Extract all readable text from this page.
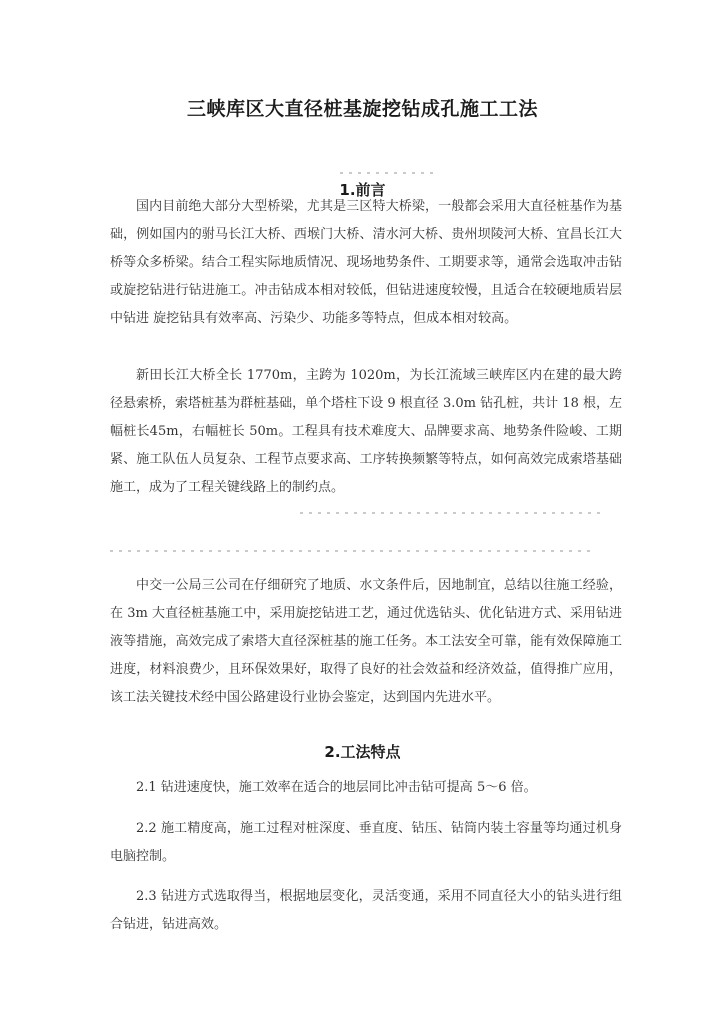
三峡库区大直径桩基旋挖钻成孔施工工法
1.前言

国内目前绝大部分大型桥梁，尤其是三区特大桥梁，一般都会采用大直径桩基作为基础，例如国内的驸马长江大桥、西堠门大桥、清水河大桥、贵州坝陵河大桥、宜昌长江大桥等众多桥梁。结合工程实际地质情况、现场地势条件、工期要求等，通常会选取冲击钻或旋挖钻进行钻进施工。冲击钻成本相对较低，但钻进速度较慢，且适合在较硬地质岩层中钻进 旋挖钻具有效率高、污染少、功能多等特点，但成本相对较高。

新田长江大桥全长 1770m，主跨为 1020m，为长江流域三峡库区内在建的最大跨径悬索桥，索塔桩基为群桩基础，单个塔柱下设 9 根直径 3.0m 钻孔桩，共计 18 根，左幅桩长45m，右幅桩长 50m。工程具有技术难度大、品牌要求高、地势条件险峻、工期紧、施工队伍人员复杂、工程节点要求高、工序转换频繁等特点，如何高效完成索塔基础施工，成为了工程关键线路上的制约点。

中交一公局三公司在仔细研究了地质、水文条件后，因地制宜，总结以往施工经验，在 3m 大直径桩基施工中，采用旋挖钻进工艺，通过优选钻头、优化钻进方式、采用钻进液等措施，高效完成了索塔大直径深桩基的施工任务。本工法安全可靠，能有效保障施工进度，材料浪费少，且环保效果好，取得了良好的社会效益和经济效益，值得推广应用，该工法关键技术经中国公路建设行业协会鉴定，达到国内先进水平。

2.工法特点

2.1 钻进速度快，施工效率在适合的地层同比冲击钻可提高 5～6 倍。

2.2 施工精度高，施工过程对桩深度、垂直度、钻压、钻筒内装土容量等均通过机身电脑控制。

2.3 钻进方式选取得当，根据地层变化，灵活变通，采用不同直径大小的钻头进行组合钻进，钻进高效。
